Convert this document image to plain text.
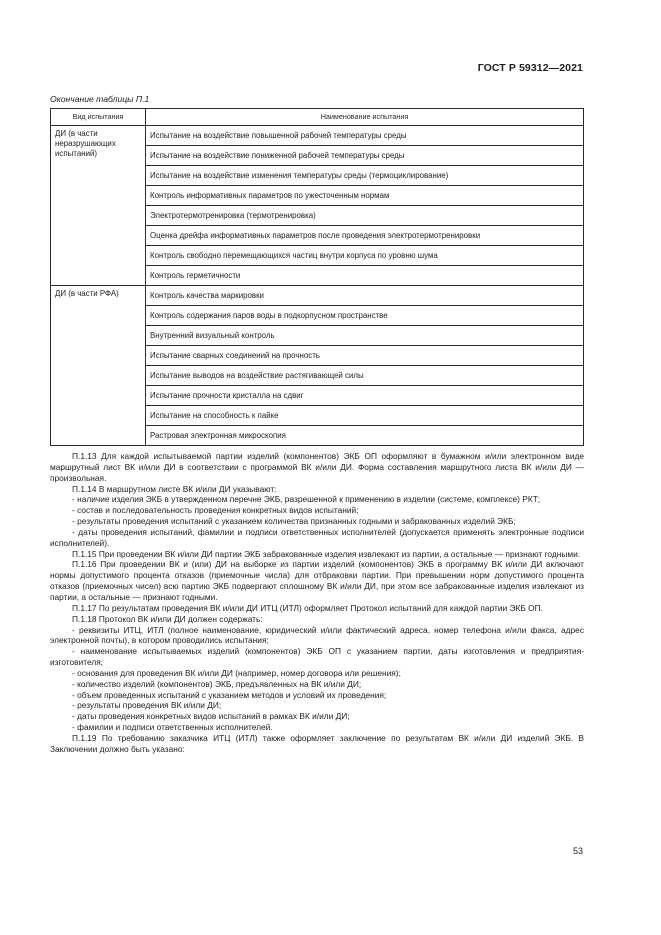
ГОСТ Р 59312—2021
Окончание таблицы П.1
Вид испытания	Наименование испытания
ДИ (в части неразрушающих испытаний)	Испытание на воздействие повышенной рабочей температуры среды
	Испытание на воздействие пониженной рабочей температуры среды
	Испытание на воздействие изменения температуры среды (термоциклирование)
	Контроль информативных параметров по ужесточенным нормам
	Электротермотренировка (термотренировка)
	Оценка дрейфа информативных параметров после проведения электротермотренировки
	Контроль свободно перемещающихся частиц внутри корпуса по уровню шума
	Контроль герметичности
ДИ (в части РФА)	Контроль качества маркировки
	Контроль содержания паров воды в подкорпусном пространстве
	Внутренний визуальный контроль
	Испытание сварных соединений на прочность
	Испытание выводов на воздействие растягивающей силы
	Испытание прочности кристалла на сдвиг
	Испытание на способность к пайке
	Растровая электронная микроскопия

П.1.13 Для каждой испытываемой партии изделий (компонентов) ЭКБ ОП оформляют в бумажном и/или электронном виде маршрутный лист ВК и/или ДИ в соответствии с программой ВК и/или ДИ. Форма составления маршрутного листа ВК и/или ДИ — произвольная.

П.1.14 В маршрутном листе ВК и/или ДИ указывают:

- наличие изделия ЭКБ в утвержденном перечне ЭКБ, разрешенной к применению в изделии (системе, комплексе) РКТ;

- состав и последовательность проведения конкретных видов испытаний;

- результаты проведения испытаний с указанием количества признанных годными и забракованных изделий ЭКБ;

- даты проведения испытаний, фамилии и подписи ответственных исполнителей (допускается применять электронные подписи исполнителей).

П.1.15 При проведении ВК и/или ДИ партии ЭКБ забракованные изделия извлекают из партии, а остальные — признают годными.

П.1.16 При проведении ВК и (или) ДИ на выборке из партии изделий (компонентов) ЭКБ в программу ВК и/или ДИ включают нормы допустимого процента отказов (приемочные числа) для отбраковки партии. При превышении норм допустимого процента отказов (приемочных чисел) всю партию ЭКБ подвергают сплошному ВК и/или ДИ, при этом все забракованные изделия извлекают из партии, а остальные — признают годными.

П.1.17 По результатам проведения ВК и/или ДИ ИТЦ (ИТЛ) оформляет Протокол испытаний для каждой партии ЭКБ ОП.

П.1.18 Протокол ВК и/или ДИ должен содержать:

- реквизиты ИТЦ, ИТЛ (полное наименование, юридический и/или фактический адреса, номер телефона и/или факса, адрес электронной почты), в котором проводились испытания;

- наименование испытываемых изделий (компонентов) ЭКБ ОП с указанием партии, даты изготовления и предприятия-изготовителя;

- основания для проведения ВК и/или ДИ (например, номер договора или решения);

- количество изделий (компонентов) ЭКБ, предъявленных на ВК и/или ДИ;

- объем проведенных испытаний с указанием методов и условий их проведения;

- результаты проведения ВК и/или ДИ;

- даты проведения конкретных видов испытаний в рамках ВК и/или ДИ;

- фамилии и подписи ответственных исполнителей.

П.1.19 По требованию заказчика ИТЦ (ИТЛ) также оформляет заключение по результатам ВК и/или ДИ изделий ЭКБ. В Заключении должно быть указано:

53
